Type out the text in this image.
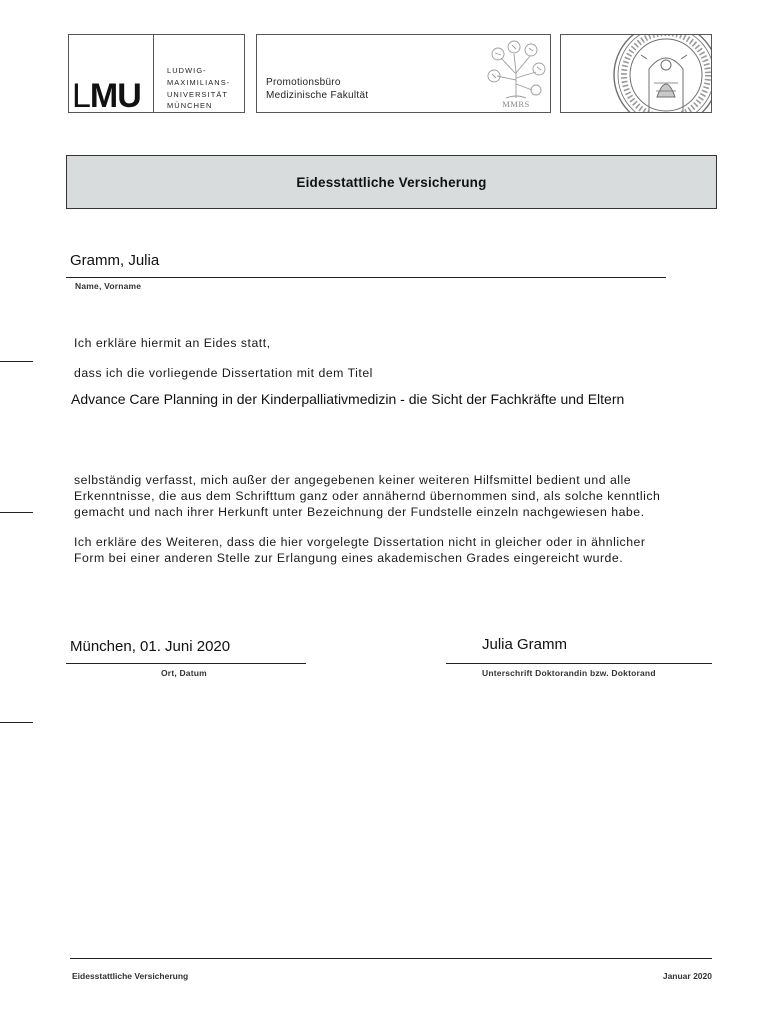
LMU
LUDWIG-
MAXIMILIANS-
UNIVERSITÄT
MÜNCHEN
Promotionsbüro
Medizinische Fakultät
MMRS
Eidesstattliche Versicherung
Gramm, Julia
Name, Vorname
Ich erkläre hiermit an Eides statt,
dass ich die vorliegende Dissertation mit dem Titel
Advance Care Planning in der Kinderpalliativmedizin - die Sicht der Fachkräfte und Eltern
selbständig verfasst, mich außer der angegebenen keiner weiteren Hilfsmittel bedient und alle
Erkenntnisse, die aus dem Schrifttum ganz oder annähernd übernommen sind, als solche kenntlich
gemacht und nach ihrer Herkunft unter Bezeichnung der Fundstelle einzeln nachgewiesen habe.
Ich erkläre des Weiteren, dass die hier vorgelegte Dissertation nicht in gleicher oder in ähnlicher
Form bei einer anderen Stelle zur Erlangung eines akademischen Grades eingereicht wurde.
München, 01. Juni 2020
Ort, Datum
Julia Gramm
Unterschrift Doktorandin bzw. Doktorand
Eidesstattliche Versicherung	Januar 2020
